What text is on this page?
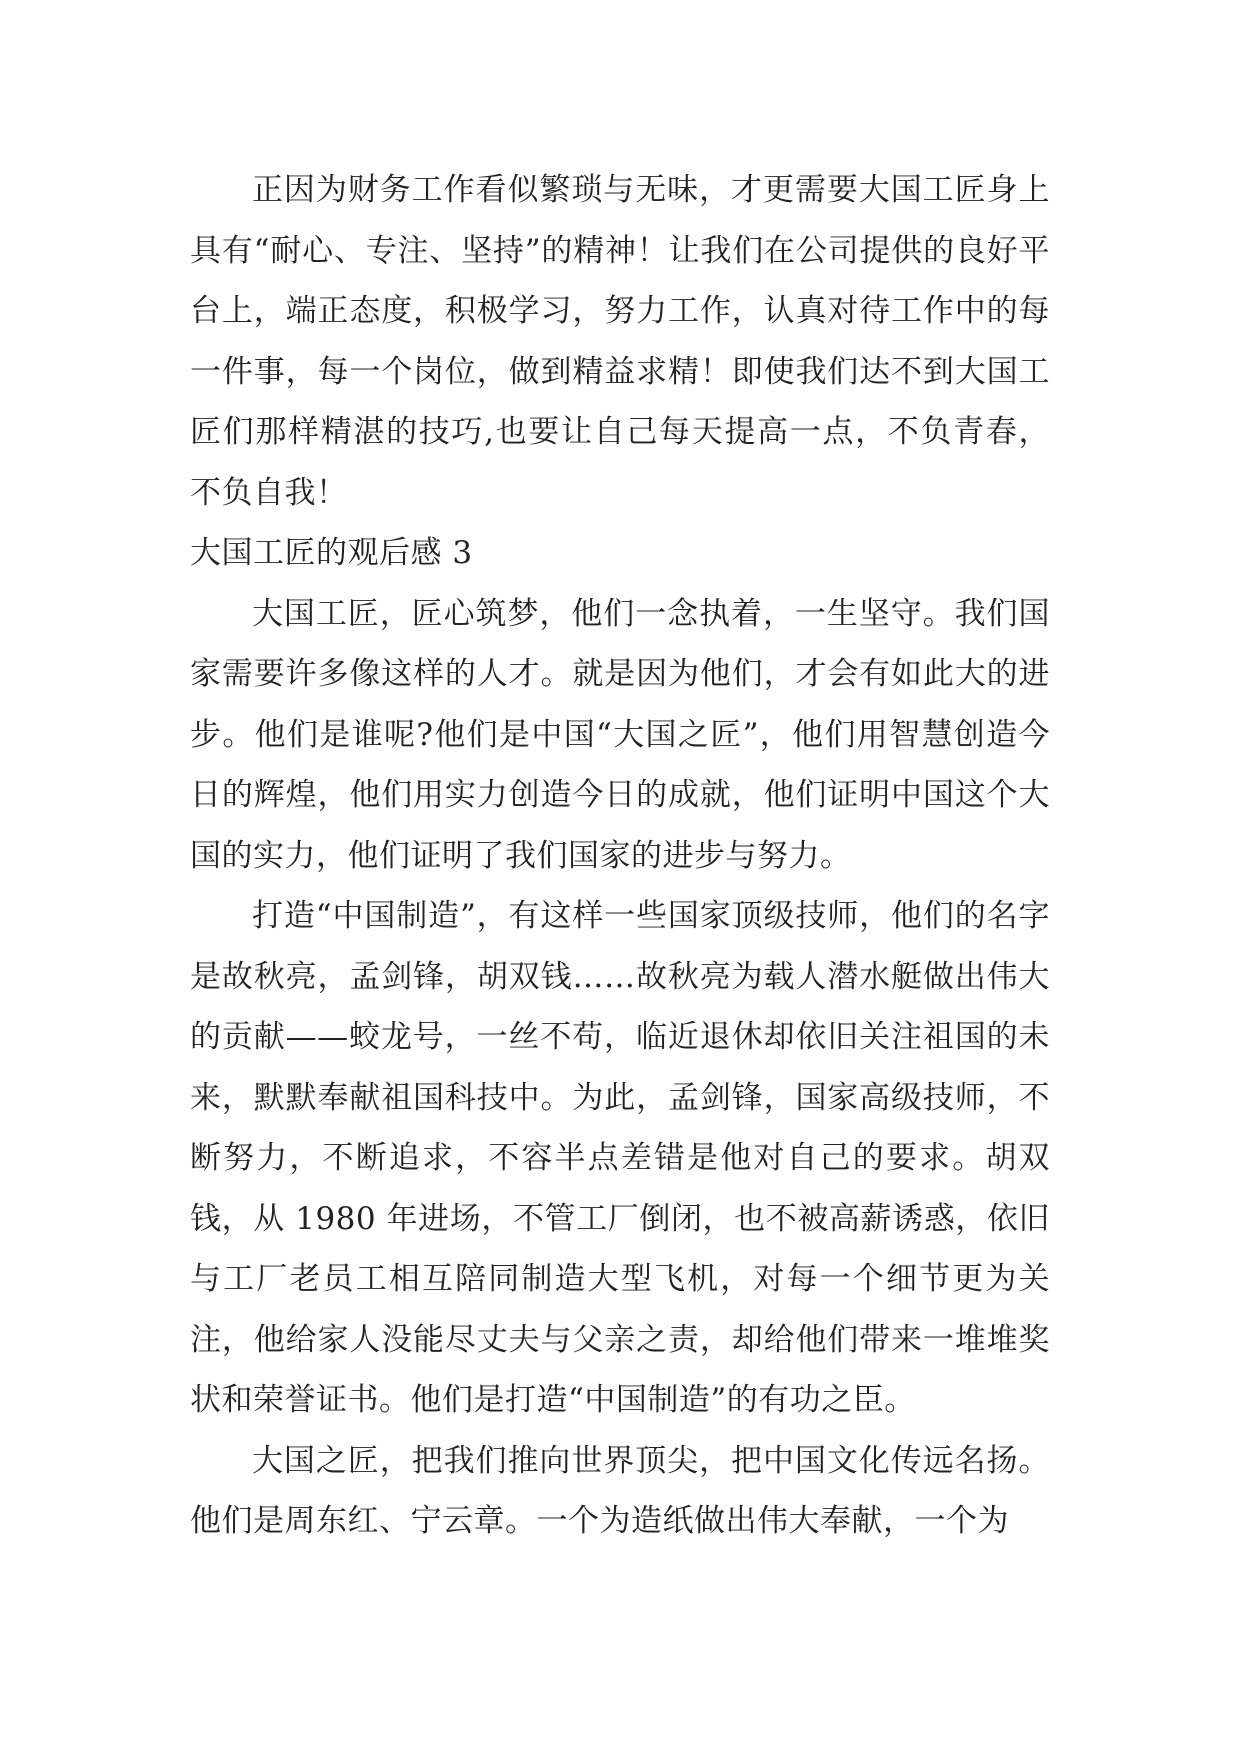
正因为财务工作看似繁琐与无味，才更需要大国工匠身上具有“耐心、专注、坚持”的精神！让我们在公司提供的良好平台上，端正态度，积极学习，努力工作，认真对待工作中的每一件事，每一个岗位，做到精益求精！即使我们达不到大国工匠们那样精湛的技巧,也要让自己每天提高一点，不负青春，不负自我！

大国工匠的观后感 3

大国工匠，匠心筑梦，他们一念执着，一生坚守。我们国家需要许多像这样的人才。就是因为他们，才会有如此大的进步。他们是谁呢?他们是中国“大国之匠”，他们用智慧创造今日的辉煌，他们用实力创造今日的成就，他们证明中国这个大国的实力，他们证明了我们国家的进步与努力。

打造“中国制造”，有这样一些国家顶级技师，他们的名字是故秋亮，孟剑锋，胡双钱……故秋亮为载人潜水艇做出伟大的贡献——蛟龙号，一丝不苟，临近退休却依旧关注祖国的未来，默默奉献祖国科技中。为此，孟剑锋，国家高级技师，不断努力，不断追求，不容半点差错是他对自己的要求。胡双钱，从 1980 年进场，不管工厂倒闭，也不被高薪诱惑，依旧与工厂老员工相互陪同制造大型飞机，对每一个细节更为关注，他给家人没能尽丈夫与父亲之责，却给他们带来一堆堆奖状和荣誉证书。他们是打造“中国制造”的有功之臣。

大国之匠，把我们推向世界顶尖，把中国文化传远名扬。他们是周东红、宁云章。一个为造纸做出伟大奉献，一个为
